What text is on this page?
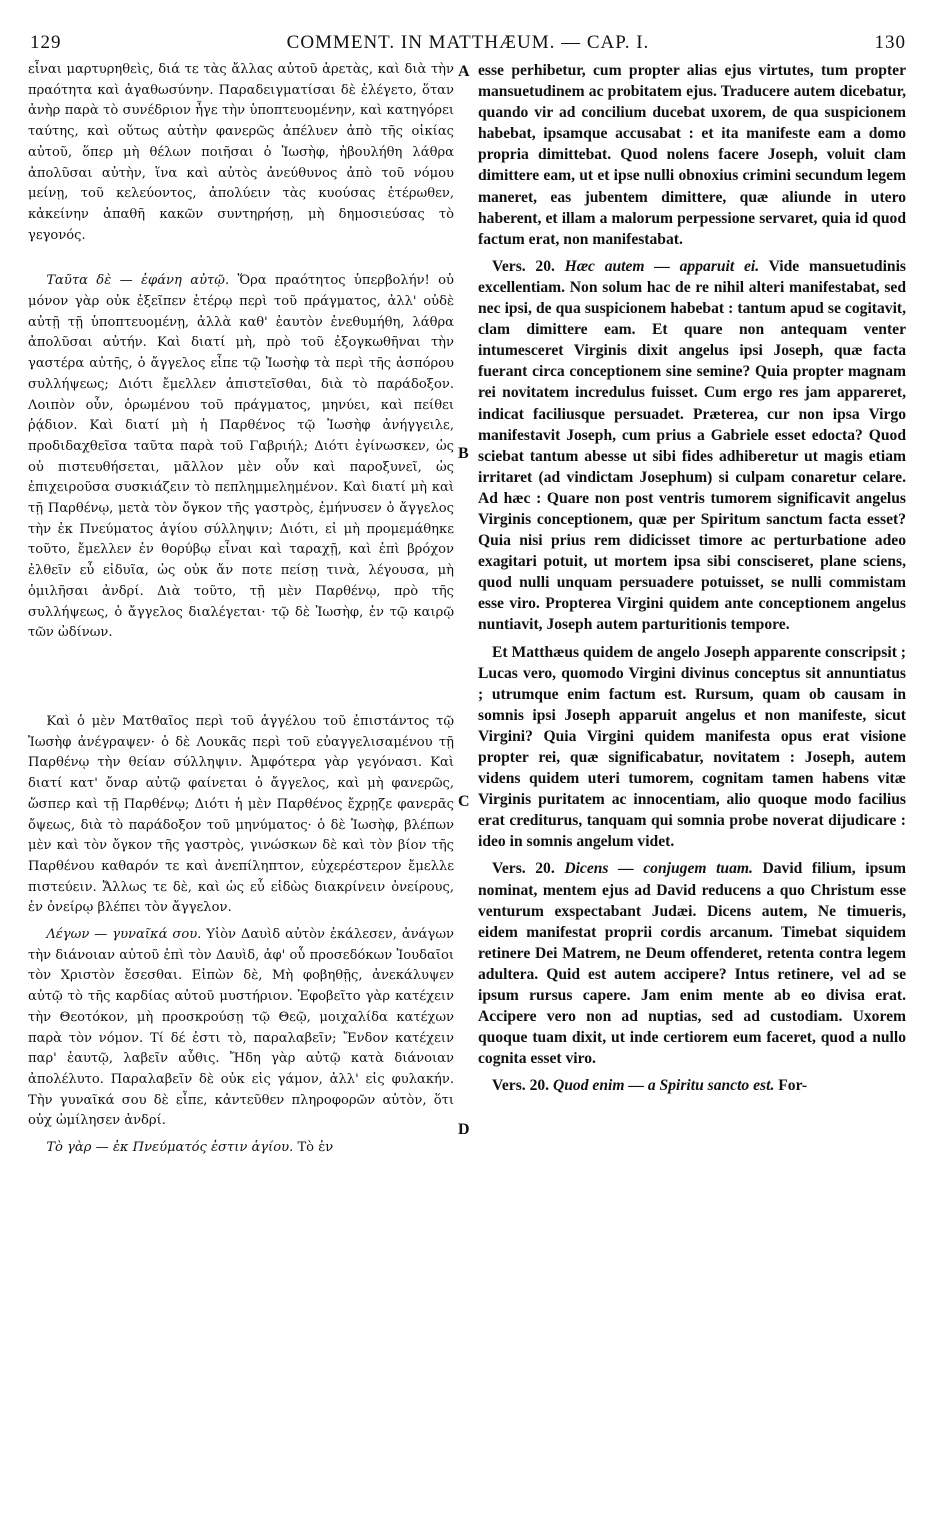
129	COMMENT. IN MATTHÆUM. — CAP. I.	130

εἶναι μαρτυρηθεὶς, διά τε τὰς ἄλλας αὐτοῦ ἀρετὰς, καὶ διὰ τὴν πραότητα καὶ ἀγαθωσύνην. Παραδειγματίσαι δὲ ἐλέγετο, ὅταν ἀνὴρ παρὰ τὸ συνέδριον ἦγε τὴν ὑποπτευομένην, καὶ κατηγόρει ταύτης, καὶ οὕτως αὐτὴν φανερῶς ἀπέλυεν ἀπὸ τῆς οἰκίας αὐτοῦ, ὅπερ μὴ θέλων ποιῆσαι ὁ Ἰωσὴφ, ἠβουλήθη λάθρα ἀπολῦσαι αὐτὴν, ἵνα καὶ αὐτὸς ἀνεύθυνος ἀπὸ τοῦ νόμου μείνῃ, τοῦ κελεύοντος, ἀπολύειν τὰς κυούσας ἑτέρωθεν, κἀκείνην ἀπαθῆ κακῶν συντηρήσῃ, μὴ δημοσιεύσας τὸ γεγονός.

Ταῦτα δὲ — ἐφάνη αὐτῷ. Ὅρα πραότητος ὑπερβολήν! οὐ μόνον γὰρ οὐκ ἐξεῖπεν ἑτέρῳ περὶ τοῦ πράγματος, ἀλλ' οὐδὲ αὐτῇ τῇ ὑποπτευομένῃ, ἀλλὰ καθ' ἑαυτὸν ἐνεθυμήθη, λάθρα ἀπολῦσαι αὐτήν. Καὶ διατί μὴ, πρὸ τοῦ ἐξογκωθῆναι τὴν γαστέρα αὐτῆς, ὁ ἄγγελος εἶπε τῷ Ἰωσὴφ τὰ περὶ τῆς ἀσπόρου συλλήψεως; Διότι ἔμελλεν ἀπιστεῖσθαι, διὰ τὸ παράδοξον. Λοιπὸν οὖν, ὁρωμένου τοῦ πράγματος, μηνύει, καὶ πείθει ῥᾴδιον. Καὶ διατί μὴ ἡ Παρθένος τῷ Ἰωσὴφ ἀνήγγειλε, προδιδαχθεῖσα ταῦτα παρὰ τοῦ Γαβριήλ; Διότι ἐγίνωσκεν, ὡς οὐ πιστευθήσεται, μᾶλλον μὲν οὖν καὶ παροξυνεῖ, ὡς ἐπιχειροῦσα συσκιάζειν τὸ πεπλημμελημένον. Καὶ διατί μὴ καὶ τῇ Παρθένῳ, μετὰ τὸν ὄγκον τῆς γαστρὸς, ἐμήνυσεν ὁ ἄγγελος τὴν ἐκ Πνεύματος ἁγίου σύλληψιν; Διότι, εἰ μὴ προμεμάθηκε τοῦτο, ἔμελλεν ἐν θορύβῳ εἶναι καὶ ταραχῇ, καὶ ἐπὶ βρόχον ἐλθεῖν εὖ εἰδυῖα, ὡς οὐκ ἄν ποτε πείσῃ τινὰ, λέγουσα, μὴ ὁμιλῆσαι ἀνδρί. Διὰ τοῦτο, τῇ μὲν Παρθένῳ, πρὸ τῆς συλλήψεως, ὁ ἄγγελος διαλέγεται· τῷ δὲ Ἰωσὴφ, ἐν τῷ καιρῷ τῶν ὠδίνων.

Καὶ ὁ μὲν Ματθαῖος περὶ τοῦ ἀγγέλου τοῦ ἐπιστάντος τῷ Ἰωσὴφ ἀνέγραψεν· ὁ δὲ Λουκᾶς περὶ τοῦ εὐαγγελισαμένου τῇ Παρθένῳ τὴν θείαν σύλληψιν. Ἀμφότερα γὰρ γεγόνασι. Καὶ διατί κατ' ὄναρ αὐτῷ φαίνεται ὁ ἄγγελος, καὶ μὴ φανερῶς, ὥσπερ καὶ τῇ Παρθένῳ; Διότι ἡ μὲν Παρθένος ἔχρῃζε φανερᾶς ὄψεως, διὰ τὸ παράδοξον τοῦ μηνύματος· ὁ δὲ Ἰωσὴφ, βλέπων μὲν καὶ τὸν ὄγκον τῆς γαστρὸς, γινώσκων δὲ καὶ τὸν βίον τῆς Παρθένου καθαρόν τε καὶ ἀνεπίληπτον, εὐχερέστερον ἔμελλε πιστεύειν. Ἄλλως τε δὲ, καὶ ὡς εὖ εἰδὼς διακρίνειν ὀνείρους, ἐν ὀνείρῳ βλέπει τὸν ἄγγελον.

Λέγων — γυναῖκά σου. Υἱὸν Δαυὶδ αὐτὸν ἐκάλεσεν, ἀνάγων τὴν διάνοιαν αὐτοῦ ἐπὶ τὸν Δαυὶδ, ἀφ' οὗ προσεδόκων Ἰουδαῖοι τὸν Χριστὸν ἔσεσθαι. Εἰπὼν δὲ, Μὴ φοβηθῇς, ἀνεκάλυψεν αὐτῷ τὸ τῆς καρδίας αὐτοῦ μυστήριον. Ἐφοβεῖτο γὰρ κατέχειν τὴν Θεοτόκον, μὴ προσκρούσῃ τῷ Θεῷ, μοιχαλίδα κατέχων παρὰ τὸν νόμον. Τί δέ ἐστι τὸ, παραλαβεῖν; Ἔνδον κατέχειν παρ' ἑαυτῷ, λαβεῖν αὖθις. Ἤδη γὰρ αὐτῷ κατὰ διάνοιαν ἀπολέλυτο. Παραλαβεῖν δὲ οὐκ εἰς γάμον, ἀλλ' εἰς φυλακήν. Τὴν γυναῖκά σου δὲ εἶπε, κἀντεῦθεν πληροφορῶν αὐτὸν, ὅτι οὐχ ὡμίλησεν ἀνδρί.

Τὸ γὰρ — ἐκ Πνεύματός ἐστιν ἁγίου. Τὸ ἐν

A
B
C
D

esse perhibetur, cum propter alias ejus virtutes, tum propter mansuetudinem ac probitatem ejus. Traducere autem dicebatur, quando vir ad concilium ducebat uxorem, de qua suspicionem habebat, ipsamque accusabat : et ita manifeste eam a domo propria dimittebat. Quod nolens facere Joseph, voluit clam dimittere eam, ut et ipse nulli obnoxius crimini secundum legem maneret, eas jubentem dimittere, quæ aliunde in utero haberent, et illam a malorum perpessione servaret, quia id quod factum erat, non manifestabat.

Vers. 20. Hæc autem — apparuit ei. Vide mansuetudinis excellentiam. Non solum hac de re nihil alteri manifestabat, sed nec ipsi, de qua suspicionem habebat : tantum apud se cogitavit, clam dimittere eam. Et quare non antequam venter intumesceret Virginis dixit angelus ipsi Joseph, quæ facta fuerant circa conceptionem sine semine? Quia propter magnam rei novitatem incredulus fuisset. Cum ergo res jam appareret, indicat faciliusque persuadet. Præterea, cur non ipsa Virgo manifestavit Joseph, cum prius a Gabriele esset edocta? Quod sciebat tantum abesse ut sibi fides adhiberetur ut magis etiam irritaret (ad vindictam Josephum) si culpam conaretur celare. Ad hæc : Quare non post ventris tumorem significavit angelus Virginis conceptionem, quæ per Spiritum sanctum facta esset? Quia nisi prius rem didicisset timore ac perturbatione adeo exagitari potuit, ut mortem ipsa sibi consciseret, plane sciens, quod nulli unquam persuadere potuisset, se nulli commistam esse viro. Propterea Virgini quidem ante conceptionem angelus nuntiavit, Joseph autem parturitionis tempore.

Et Matthæus quidem de angelo Joseph apparente conscripsit ; Lucas vero, quomodo Virgini divinus conceptus sit annuntiatus ; utrumque enim factum est. Rursum, quam ob causam in somnis ipsi Joseph apparuit angelus et non manifeste, sicut Virgini? Quia Virgini quidem manifesta opus erat visione propter rei, quæ significabatur, novitatem : Joseph, autem videns quidem uteri tumorem, cognitam tamen habens vitæ Virginis puritatem ac innocentiam, alio quoque modo facilius erat crediturus, tanquam qui somnia probe noverat dijudicare : ideo in somnis angelum videt.

Vers. 20. Dicens — conjugem tuam. David filium, ipsum nominat, mentem ejus ad David reducens a quo Christum esse venturum exspectabant Judæi. Dicens autem, Ne timueris, eidem manifestat proprii cordis arcanum. Timebat siquidem retinere Dei Matrem, ne Deum offenderet, retenta contra legem adultera. Quid est autem accipere? Intus retinere, vel ad se ipsum rursus capere. Jam enim mente ab eo divisa erat. Accipere vero non ad nuptias, sed ad custodiam. Uxorem quoque tuam dixit, ut inde certiorem eum faceret, quod a nullo cognita esset viro.

Vers. 20. Quod enim — a Spiritu sancto est. For-
